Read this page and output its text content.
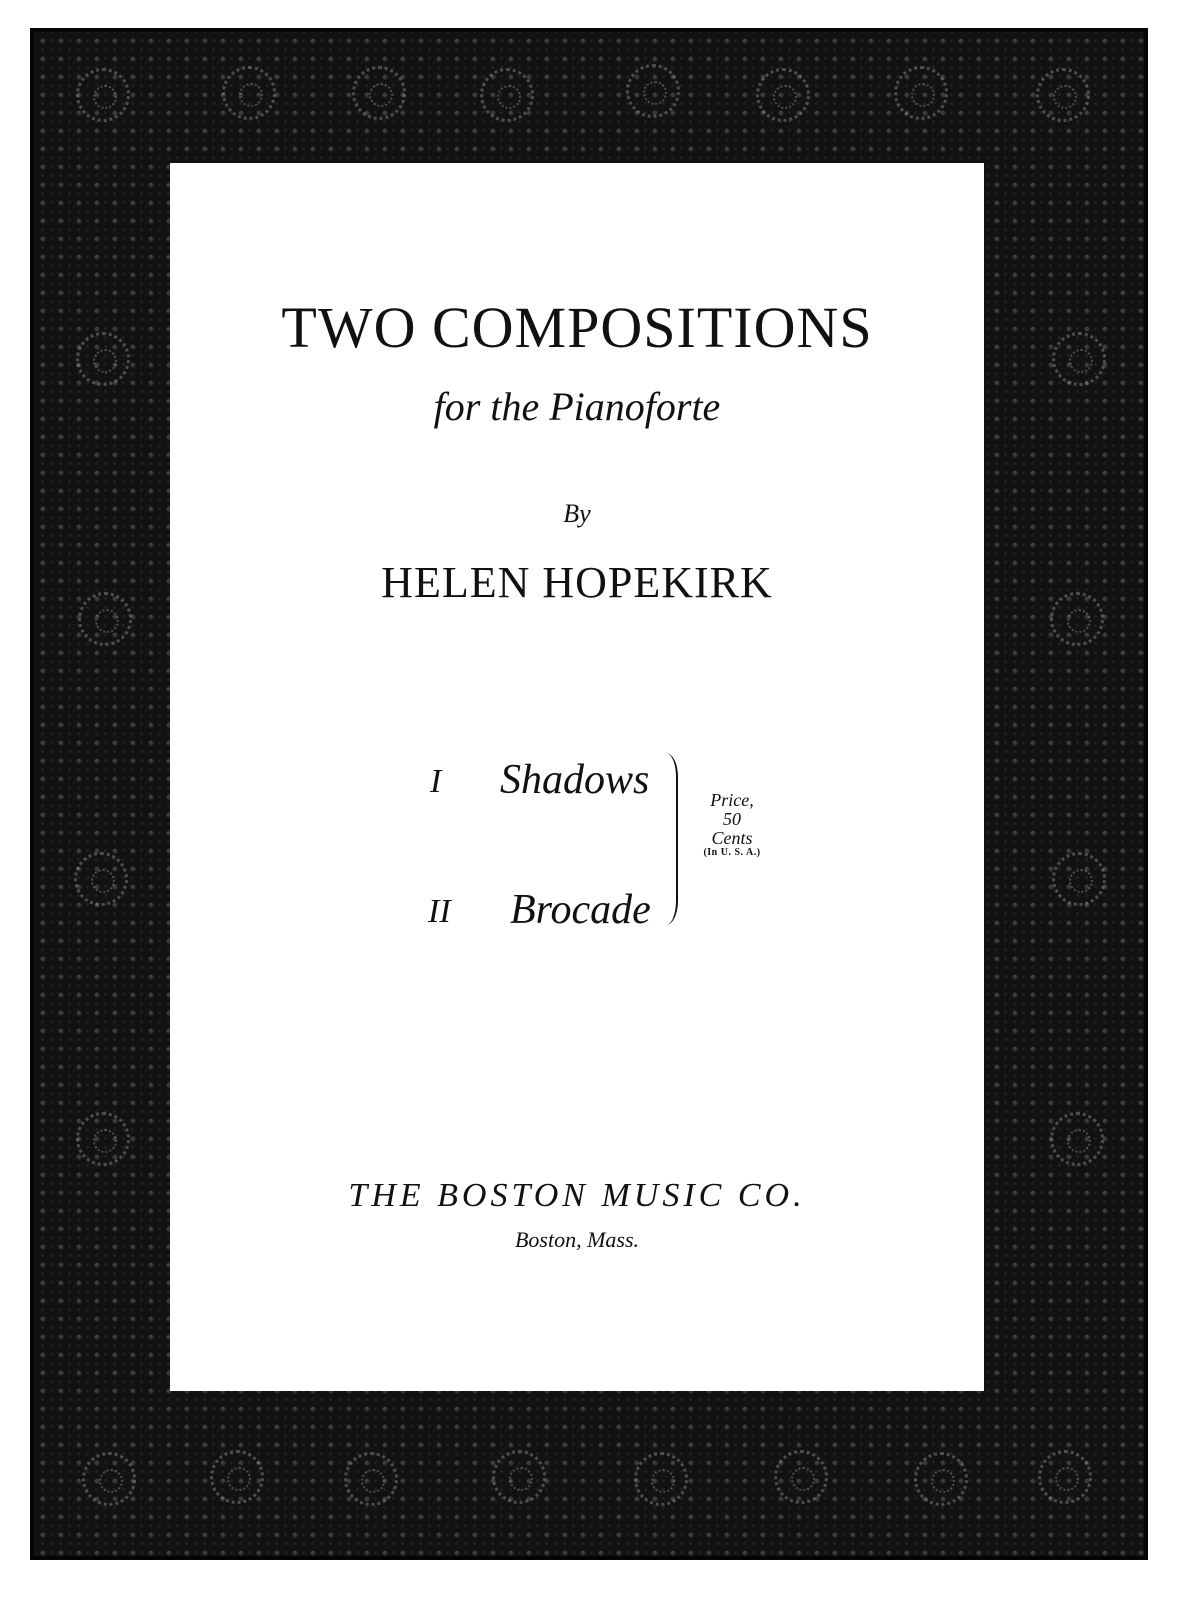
TWO COMPOSITIONS
for the Pianoforte
By
HELEN HOPEKIRK
I Shadows
II Brocade
Price,
50
Cents
(In U. S. A.)
THE BOSTON MUSIC CO.
Boston, Mass.
